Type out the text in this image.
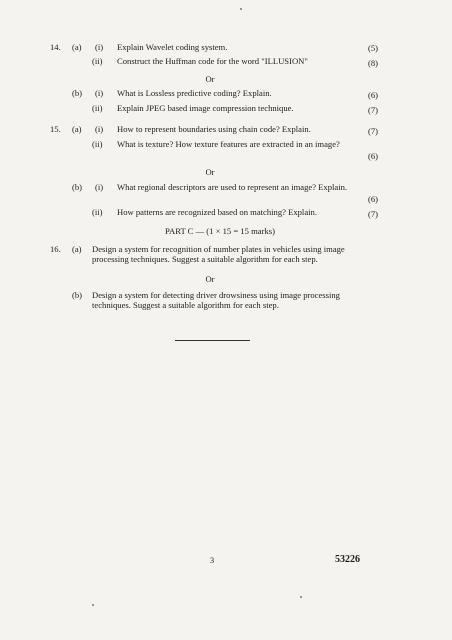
14. (a) (i) Explain Wavelet coding system.	(5)
(ii) Construct the Huffman code for the word "ILLUSION"	(8)
Or
(b) (i) What is Lossless predictive coding? Explain.	(6)
(ii) Explain JPEG based image compression technique.	(7)
15. (a) (i) How to represent boundaries using chain code? Explain.	(7)
(ii) What is texture? How texture features are extracted in an image?
(6)
Or
(b) (i) What regional descriptors are used to represent an image? Explain.
(6)
(ii) How patterns are recognized based on matching? Explain.	(7)
PART C — (1 × 15 = 15 marks)
16. (a) Design a system for recognition of number plates in vehicles using image processing techniques. Suggest a suitable algorithm for each step.
Or
(b) Design a system for detecting driver drowsiness using image processing techniques. Suggest a suitable algorithm for each step.
3	53226
